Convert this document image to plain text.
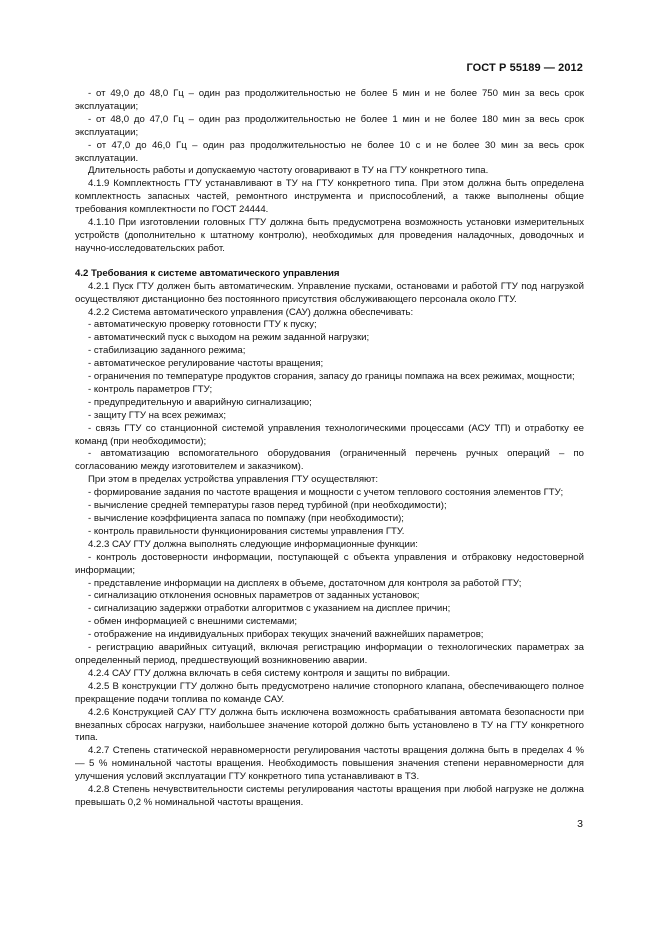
ГОСТ Р 55189 — 2012

- от 49,0 до 48,0 Гц – один раз продолжительностью не более 5 мин и не более 750 мин за весь срок эксплуатации;

- от 48,0 до 47,0 Гц – один раз продолжительностью не более 1 мин и не более 180 мин за весь срок эксплуатации;

- от 47,0 до 46,0 Гц – один раз продолжительностью не более 10 с и не более 30 мин за весь срок эксплуатации.

Длительность работы и допускаемую частоту оговаривают в ТУ на ГТУ конкретного типа.

4.1.9 Комплектность ГТУ устанавливают в ТУ на ГТУ конкретного типа. При этом должна быть определена комплектность запасных частей, ремонтного инструмента и приспособлений, а также выполнены общие требования комплектности по ГОСТ 24444.

4.1.10 При изготовлении головных ГТУ должна быть предусмотрена возможность установки измерительных устройств (дополнительно к штатному контролю), необходимых для проведения наладочных, доводочных и научно-исследовательских работ.

4.2 Требования к системе автоматического управления

4.2.1 Пуск ГТУ должен быть автоматическим. Управление пусками, остановами и работой ГТУ под нагрузкой осуществляют дистанционно без постоянного присутствия обслуживающего персонала около ГТУ.

4.2.2 Система автоматического управления (САУ) должна обеспечивать:

- автоматическую проверку готовности ГТУ к пуску;

- автоматический пуск с выходом на режим заданной нагрузки;

- стабилизацию заданного режима;

- автоматическое регулирование частоты вращения;

- ограничения по температуре продуктов сгорания, запасу до границы помпажа на всех режимах, мощности;

- контроль параметров ГТУ;

- предупредительную и аварийную сигнализацию;

- защиту ГТУ на всех режимах;

- связь ГТУ со станционной системой управления технологическими процессами (АСУ ТП) и отработку ее команд (при необходимости);

- автоматизацию вспомогательного оборудования (ограниченный перечень ручных операций – по согласованию между изготовителем и заказчиком).

При этом в пределах устройства управления ГТУ осуществляют:

- формирование задания по частоте вращения и мощности с учетом теплового состояния элементов ГТУ;

- вычисление средней температуры газов перед турбиной (при необходимости);

- вычисление коэффициента запаса по помпажу (при необходимости);

- контроль правильности функционирования системы управления ГТУ.

4.2.3 САУ ГТУ должна выполнять следующие информационные функции:

- контроль достоверности информации, поступающей с объекта управления и отбраковку недостоверной информации;

- представление информации на дисплеях в объеме, достаточном для контроля за работой ГТУ;

- сигнализацию отклонения основных параметров от заданных установок;

- сигнализацию задержки отработки алгоритмов с указанием на дисплее причин;

- обмен информацией с внешними системами;

- отображение на индивидуальных приборах текущих значений важнейших параметров;

- регистрацию аварийных ситуаций, включая регистрацию информации о технологических параметрах за определенный период, предшествующий возникновению аварии.

4.2.4 САУ ГТУ должна включать в себя систему контроля и защиты по вибрации.

4.2.5 В конструкции ГТУ должно быть предусмотрено наличие стопорного клапана, обеспечивающего полное прекращение подачи топлива по команде САУ.

4.2.6 Конструкцией САУ ГТУ должна быть исключена возможность срабатывания автомата безопасности при внезапных сбросах нагрузки, наибольшее значение которой должно быть установлено в ТУ на ГТУ конкретного типа.

4.2.7 Степень статической неравномерности регулирования частоты вращения должна быть в пределах 4 %— 5 % номинальной частоты вращения. Необходимость повышения значения степени неравномерности для улучшения условий эксплуатации ГТУ конкретного типа устанавливают в ТЗ.

4.2.8 Степень нечувствительности системы регулирования частоты вращения при любой нагрузке не должна превышать 0,2 % номинальной частоты вращения.

3
